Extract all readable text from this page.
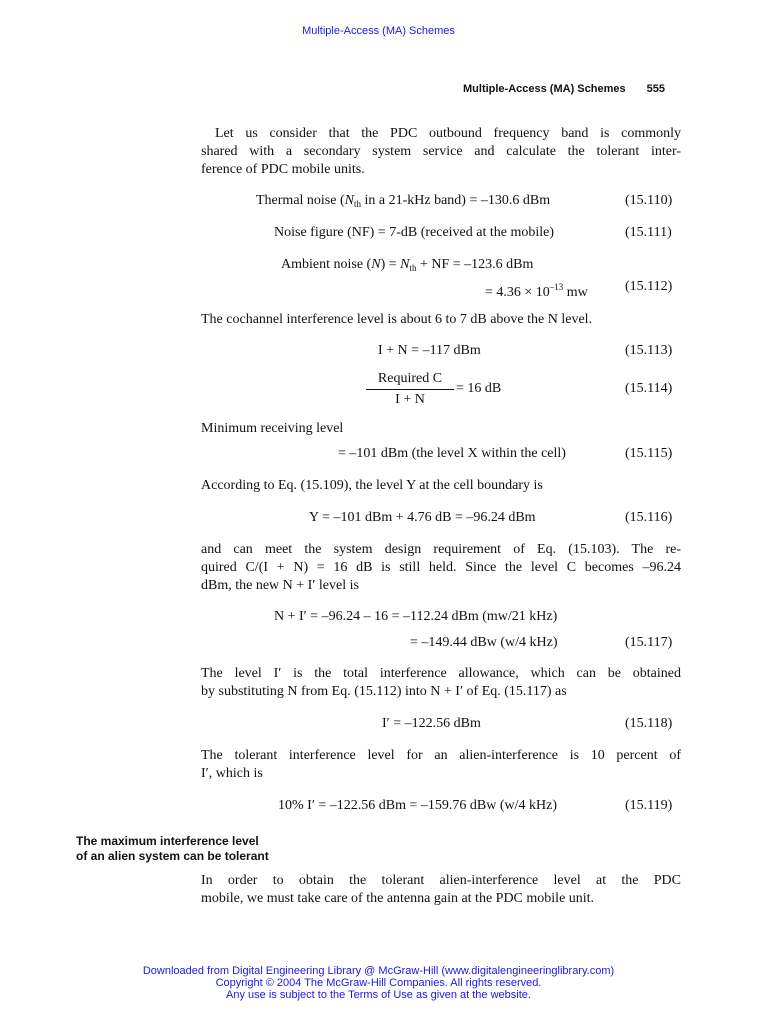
Multiple-Access (MA) Schemes
Multiple-Access (MA) Schemes 555
Let us consider that the PDC outbound frequency band is commonly
shared with a secondary system service and calculate the tolerant inter-
ference of PDC mobile units.
Thermal noise ($N_{th}$ in a 21-kHz band) = –130.6 dBm	(15.110)
Noise figure (NF) = 7-dB (received at the mobile)	(15.111)
Ambient noise $(N) = N_{th}$ + NF = –123.6 dBm
= $4.36 \times 10^{-13}$ mw	(15.112)
The cochannel interference level is about 6 to 7 dB above the N level.
I + N = –117 dBm	(15.113)
Required C
I + N
= 16 dB	(15.114)
Minimum receiving level
= –101 dBm (the level X within the cell)	(15.115)
According to Eq. (15.109), the level Y at the cell boundary is
Y = –101 dBm + 4.76 dB = –96.24 dBm	(15.116)
and can meet the system design requirement of Eq. (15.103). The re-
quired C/(I + N) = 16 dB is still held. Since the level C becomes –96.24
dBm, the new N + I′ level is
N + I′ = –96.24 – 16 = –112.24 dBm (mw/21 kHz)
= –149.44 dBw (w/4 kHz)	(15.117)
The level I′ is the total interference allowance, which can be obtained
by substituting N from Eq. (15.112) into N + I′ of Eq. (15.117) as
I′ = –122.56 dBm	(15.118)
The tolerant interference level for an alien-interference is 10 percent of
I′, which is
10% I′ = –122.56 dBm = –159.76 dBw (w/4 kHz)	(15.119)
The maximum interference level
of an alien system can be tolerant
In order to obtain the tolerant alien-interference level at the PDC
mobile, we must take care of the antenna gain at the PDC mobile unit.
Downloaded from Digital Engineering Library @ McGraw-Hill (www.digitalengineeringlibrary.com)
Copyright © 2004 The McGraw-Hill Companies. All rights reserved.
Any use is subject to the Terms of Use as given at the website.
